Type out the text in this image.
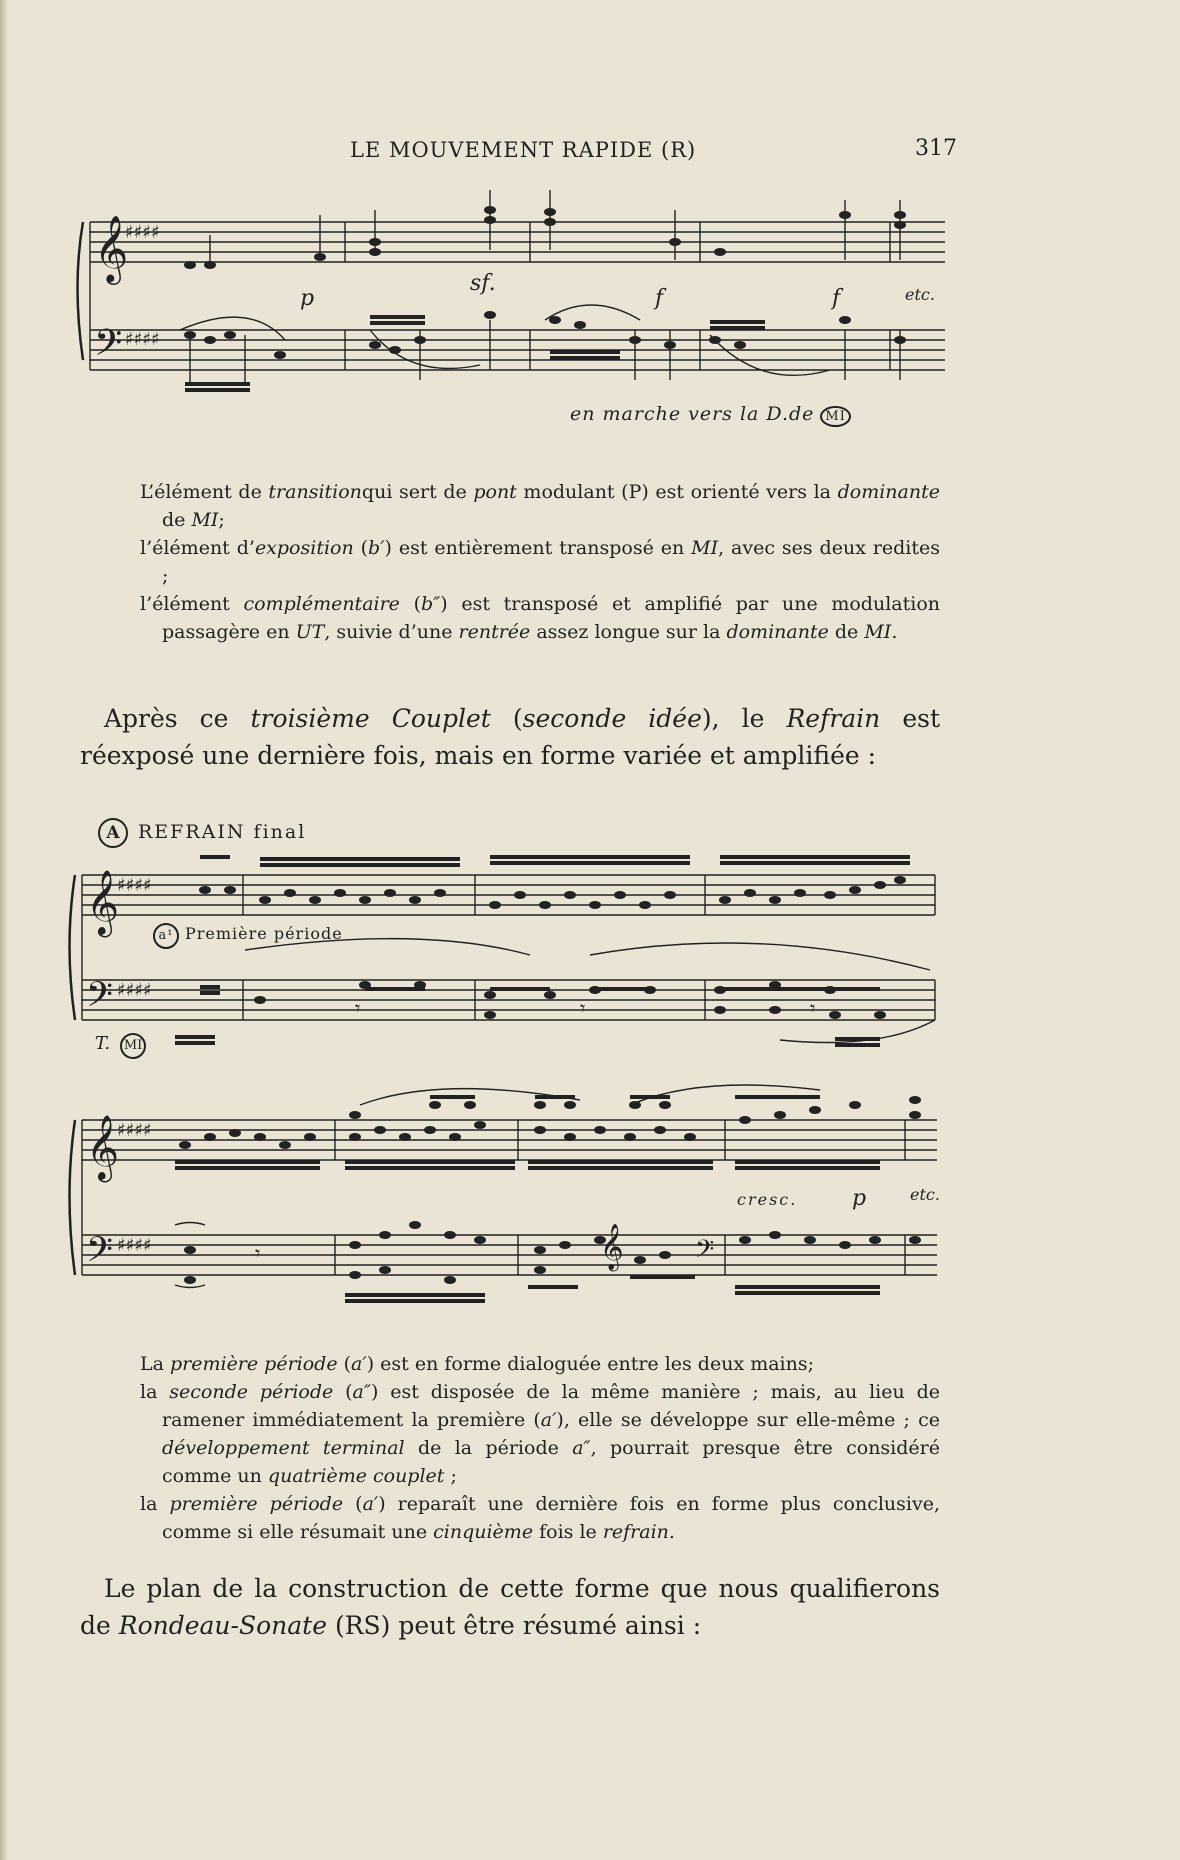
LE MOUVEMENT RAPIDE (R)	317
𝄞
𝄢
♯♯♯♯
♯♯♯♯
p
sf.
f	f	etc.
en marche vers la D.de MI

L’élément de transitionqui sert de pont modulant (P) est orienté vers la dominante de MI;

l’élément d’exposition (b′) est entièrement transposé en MI, avec ses deux redites ;

l’élément complémentaire (b″) est transposé et amplifié par une modulation passagère en UT, suivie d’une rentrée assez longue sur la dominante de MI.

Après ce troisième Couplet (seconde idée), le Refrain est réexposé une dernière fois, mais en forme variée et amplifiée :

A REFRAIN final
𝄞
𝄢
♯♯♯♯
♯♯♯♯
𝄾	𝄾	𝄾
a¹ Première période
T. MI
𝄞
𝄢
♯♯♯♯
♯♯♯♯	𝄞 𝄢
𝄾
cresc. p	etc.

La première période (a′) est en forme dialoguée entre les deux mains;

la seconde période (a″) est disposée de la même manière ; mais, au lieu de ramener immédiatement la première (a′), elle se développe sur elle-même ; ce développement terminal de la période a″, pourrait presque être considéré comme un quatrième couplet ;

la première période (a′) reparaît une dernière fois en forme plus conclusive, comme si elle résumait une cinquième fois le refrain.

Le plan de la construction de cette forme que nous qualifierons de Rondeau-Sonate (RS) peut être résumé ainsi :
